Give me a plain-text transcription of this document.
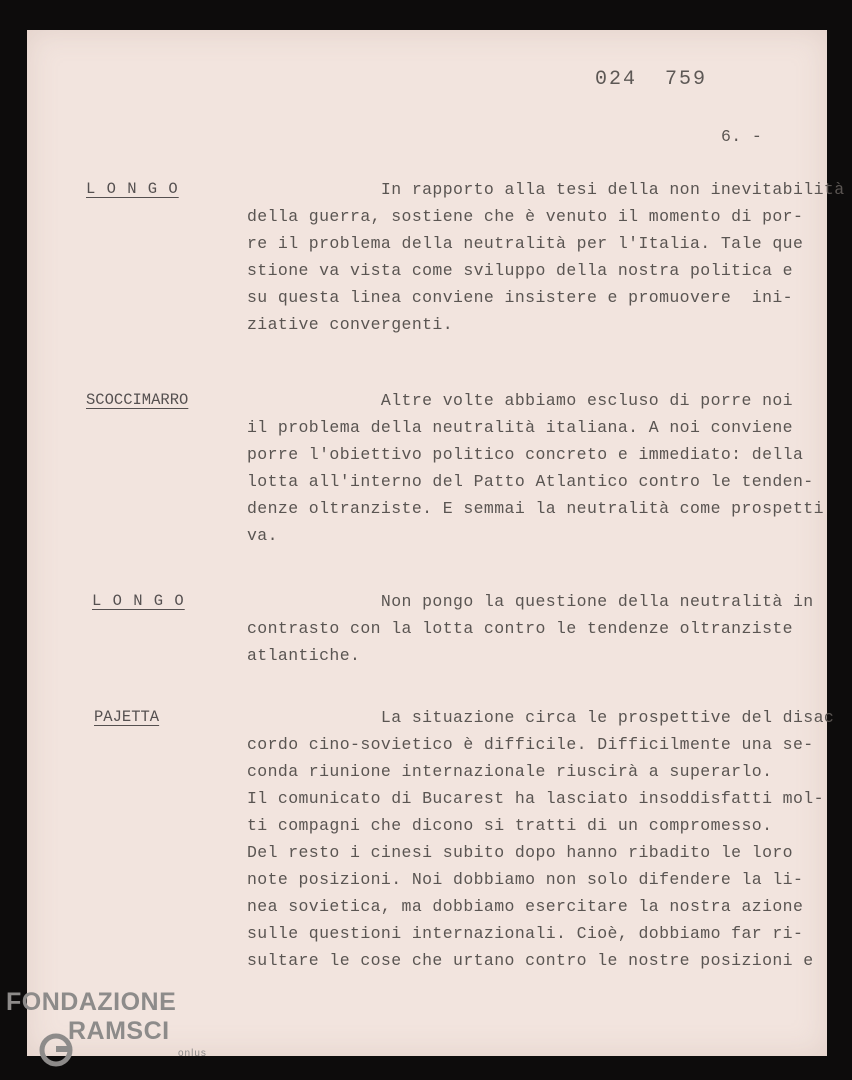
024  759
6. -
L O N G O	In rapporto alla tesi della non inevitabilità
della guerra, sostiene che è venuto il momento di por-
re il problema della neutralità per l'Italia. Tale que
stione va vista come sviluppo della nostra politica e
su questa linea conviene insistere e promuovere  ini-
ziative convergenti.
SCOCCIMARRO	Altre volte abbiamo escluso di porre noi
il problema della neutralità italiana. A noi conviene
porre l'obiettivo politico concreto e immediato: della
lotta all'interno del Patto Atlantico contro le tenden-
denze oltranziste. E semmai la neutralità come prospetti
va.
L O N G O	Non pongo la questione della neutralità in
contrasto con la lotta contro le tendenze oltranziste
atlantiche.
PAJETTA	La situazione circa le prospettive del disac
cordo cino-sovietico è difficile. Difficilmente una se-
conda riunione internazionale riuscirà a superarlo.
Il comunicato di Bucarest ha lasciato insoddisfatti mol-
ti compagni che dicono si tratti di un compromesso.
Del resto i cinesi subito dopo hanno ribadito le loro
note posizioni. Noi dobbiamo non solo difendere la li-
nea sovietica, ma dobbiamo esercitare la nostra azione
sulle questioni internazionali. Cioè, dobbiamo far ri-
sultare le cose che urtano contro le nostre posizioni e
FONDAZIONE
RAMSCI
onlus
